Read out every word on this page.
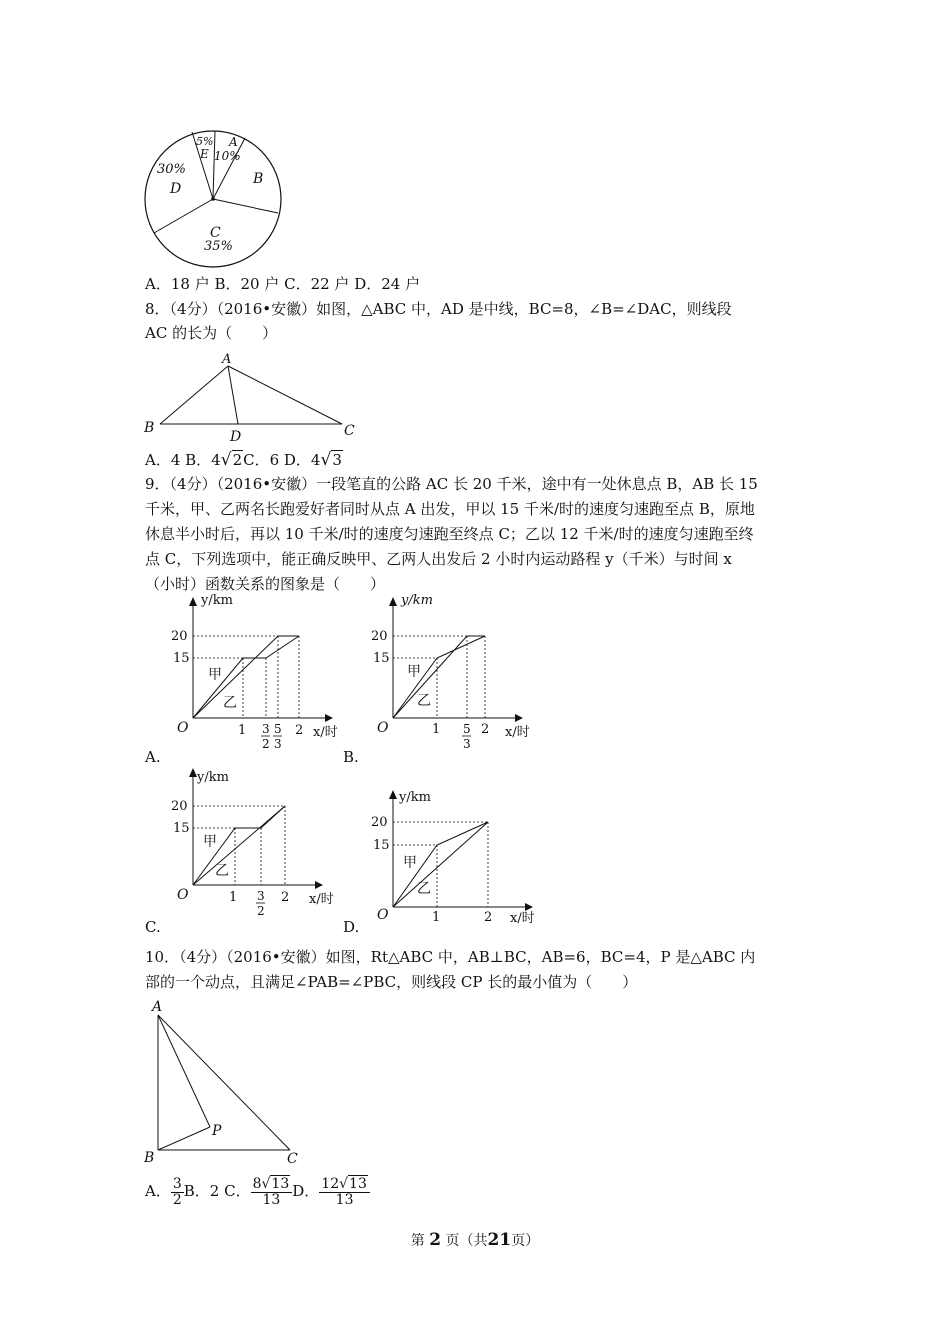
5%
E
A
10%
B
30%
D
C
35%
A．18 户 B．20 户 C．22 户 D．24 户
8．（4分）（2016•安徽）如图，△ABC 中，AD 是中线，BC=8，∠B=∠DAC，则线段
AC 的长为（　　）
A
B	C
D
A．4 B．4√2C．6 D．4√3
9．（4分）（2016•安徽）一段笔直的公路 AC 长 20 千米，途中有一处休息点 B，AB 长 15
千米，甲、乙两名长跑爱好者同时从点 A 出发，甲以 15 千米/时的速度匀速跑至点 B，原地
休息半小时后，再以 10 千米/时的速度匀速跑至终点 C；乙以 12 千米/时的速度匀速跑至终
点 C，下列选项中，能正确反映甲、乙两人出发后 2 小时内运动路程 y（千米）与时间 x
（小时）函数关系的图象是（　　）
y/km
x/时
O
20
15
甲
乙
1 3
2
5
3
2
A.
y/km
x/时
O
20
15
甲
乙
1 5
3
2
B.
y/km
x/时
O
20
15
甲
乙
1 3
2
2
C.
y/km
x/时
O
20
15
甲
乙
1	2
D.
10．（4分）（2016•安徽）如图，Rt△ABC 中，AB⊥BC，AB=6，BC=4，P 是△ABC 内
部的一个动点，且满足∠PAB=∠PBC，则线段 CP 长的最小值为（　　）
A
B	C
P
A． $\frac{3}{2}$ B．2 C． $\frac{8√13}{13}$ D． $\frac{12√13}{13}$
第 2 页（共21页）
